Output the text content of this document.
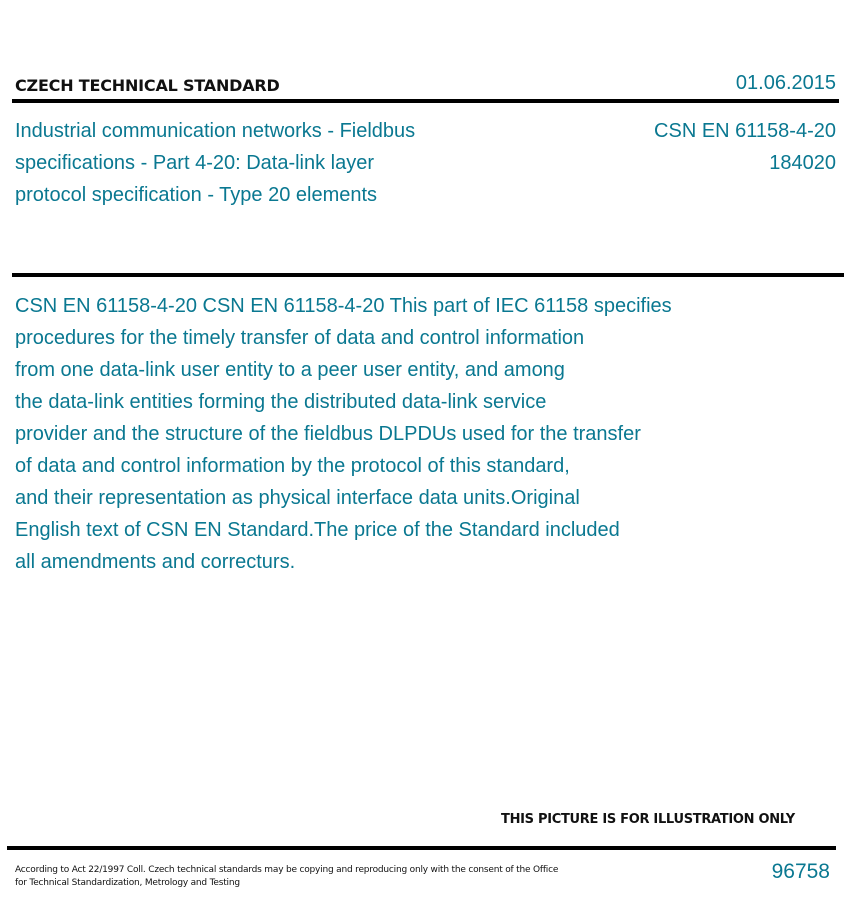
CZECH TECHNICAL STANDARD	01.06.2015
Industrial communication networks - Fieldbus
specifications - Part 4-20: Data-link layer
protocol specification - Type 20 elements
CSN EN 61158-4-20
184020
CSN EN 61158-4-20 CSN EN 61158-4-20 This part of IEC 61158 specifies
procedures for the timely transfer of data and control information
from one data-link user entity to a peer user entity, and among
the data-link entities forming the distributed data-link service
provider and the structure of the fieldbus DLPDUs used for the transfer
of data and control information by the protocol of this standard,
and their representation as physical interface data units.Original
English text of CSN EN Standard.The price of the Standard included
all amendments and correcturs.
THIS PICTURE IS FOR ILLUSTRATION ONLY
According to Act 22/1997 Coll. Czech technical standards may be copying and reproducing only with the consent of the Office
for Technical Standardization, Metrology and Testing	96758
